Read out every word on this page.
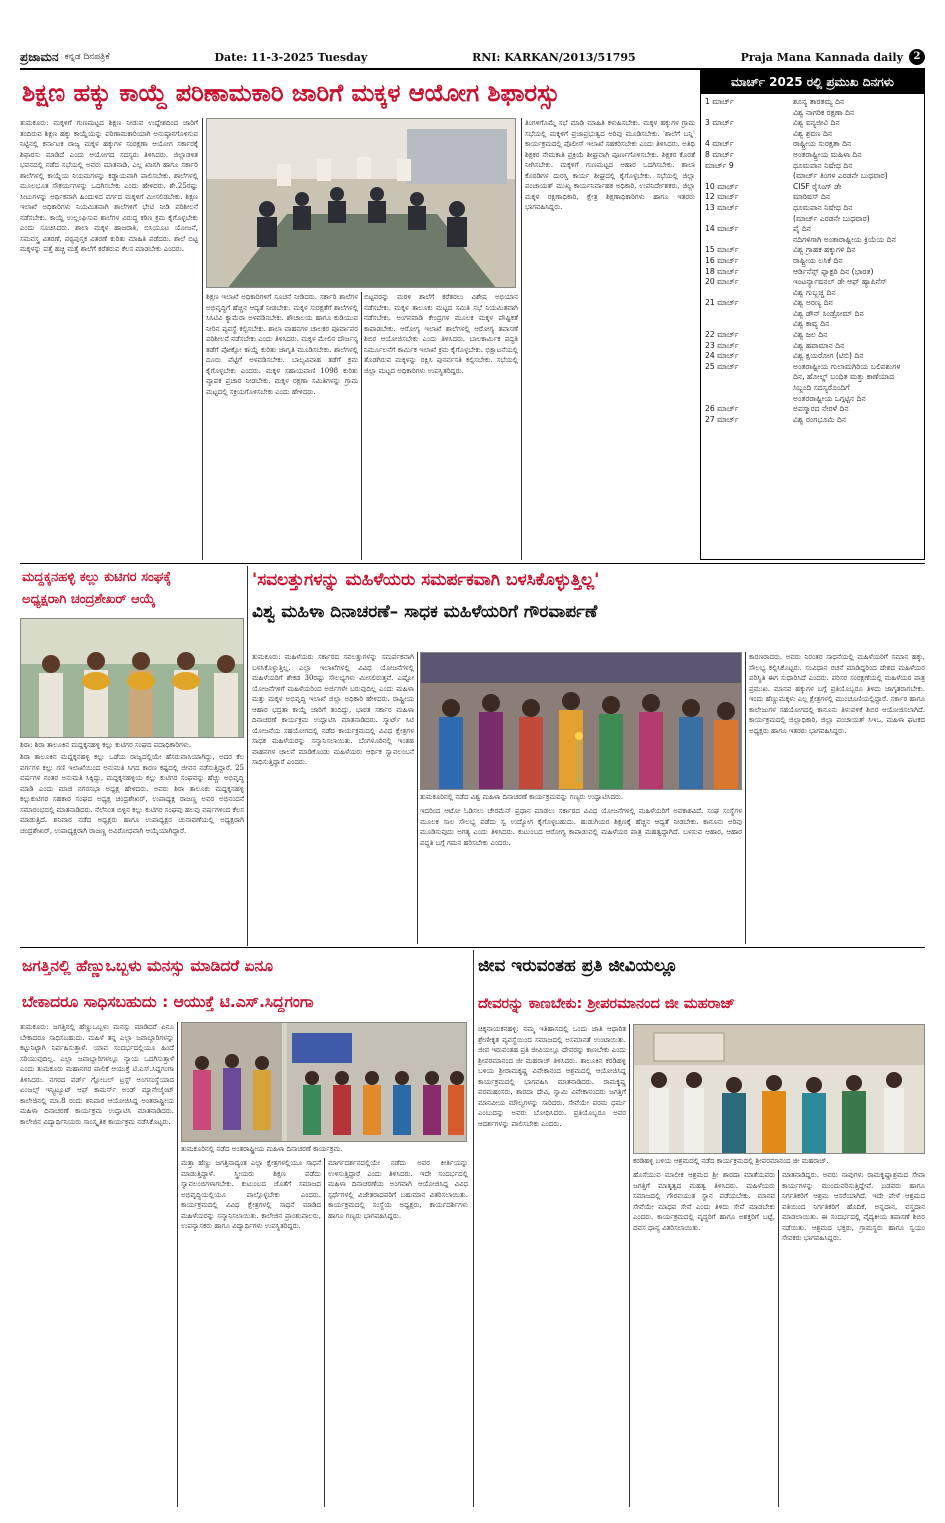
ಪ್ರಜಾಮನ ಕನ್ನಡ ದಿನಪತ್ರಿಕೆ	Date: 11-3-2025 Tuesday	RNI: KARKAN/2013/51795	Praja Mana Kannada daily	2
ಶಿಕ್ಷಣ ಹಕ್ಕು ಕಾಯ್ದೆ ಪರಿಣಾಮಕಾರಿ ಜಾರಿಗೆ ಮಕ್ಕಳ ಆಯೋಗ ಶಿಫಾರಸ್ಸು
ತುಮಕೂರು: ಮಕ್ಕಳಿಗೆ ಗುಣಮಟ್ಟದ ಶಿಕ್ಷಣ ನೀಡುವ ಉದ್ದೇಶದಿಂದ ಜಾರಿಗೆ ತಂದಿರುವ ಶಿಕ್ಷಣ ಹಕ್ಕು ಕಾಯ್ದೆಯನ್ನು ಪರಿಣಾಮಕಾರಿಯಾಗಿ ಅನುಷ್ಠಾನಗೊಳಿಸುವ ನಿಟ್ಟಿನಲ್ಲಿ ಕರ್ನಾಟಕ ರಾಜ್ಯ ಮಕ್ಕಳ ಹಕ್ಕುಗಳ ಸಂರಕ್ಷಣಾ ಆಯೋಗ ಸರ್ಕಾರಕ್ಕೆ ಶಿಫಾರಸು ಮಾಡಿದೆ ಎಂದು ಆಯೋಗದ ಸದಸ್ಯರು ತಿಳಿಸಿದರು. ಜಿಲ್ಲಾಡಳಿತ ಭವನದಲ್ಲಿ ನಡೆದ ಸಭೆಯಲ್ಲಿ ಅವರು ಮಾತನಾಡಿ, ಎಲ್ಲ ಖಾಸಗಿ ಹಾಗೂ ಸರ್ಕಾರಿ ಶಾಲೆಗಳಲ್ಲಿ ಕಾಯ್ದೆಯ ನಿಯಮಗಳನ್ನು ಕಡ್ಡಾಯವಾಗಿ ಪಾಲಿಸಬೇಕು. ಶಾಲೆಗಳಲ್ಲಿ ಮೂಲಭೂತ ಸೌಕರ್ಯಗಳನ್ನು ಒದಗಿಸಬೇಕು ಎಂದು ಹೇಳಿದರು. ಶೇ.25ರಷ್ಟು ಸೀಟುಗಳನ್ನು ಆರ್ಥಿಕವಾಗಿ ಹಿಂದುಳಿದ ವರ್ಗದ ಮಕ್ಕಳಿಗೆ ಮೀಸಲಿಡಬೇಕು. ಶಿಕ್ಷಣ ಇಲಾಖೆ ಅಧಿಕಾರಿಗಳು ನಿಯಮಿತವಾಗಿ ಶಾಲೆಗಳಿಗೆ ಭೇಟಿ ನೀಡಿ ಪರಿಶೀಲನೆ ನಡೆಸಬೇಕು. ಕಾಯ್ದೆ ಉಲ್ಲಂಘಿಸುವ ಶಾಲೆಗಳ ವಿರುದ್ಧ ಕಠಿಣ ಕ್ರಮ ಕೈಗೊಳ್ಳಬೇಕು ಎಂದು ಸೂಚಿಸಿದರು. ಶಾಲಾ ಮಕ್ಕಳ ಹಾಜರಾತಿ, ಬಿಸಿಯೂಟ ಯೋಜನೆ, ಸಮವಸ್ತ್ರ ವಿತರಣೆ, ಪಠ್ಯಪುಸ್ತಕ ವಿತರಣೆ ಕುರಿತು ಮಾಹಿತಿ ಪಡೆದರು. ಶಾಲೆ ಬಿಟ್ಟ ಮಕ್ಕಳನ್ನು ಪತ್ತೆ ಹಚ್ಚಿ ಮತ್ತೆ ಶಾಲೆಗೆ ಕರೆತರುವ ಕೆಲಸ ಮಾಡಬೇಕು ಎಂದರು.
ಶಿಕ್ಷಣ ಇಲಾಖೆ ಅಧಿಕಾರಿಗಳಿಗೆ ಸೂಚನೆ ನೀಡಿದರು. ಸರ್ಕಾರಿ ಶಾಲೆಗಳ ಅಭಿವೃದ್ಧಿಗೆ ಹೆಚ್ಚಿನ ಆದ್ಯತೆ ನೀಡಬೇಕು. ಮಕ್ಕಳ ಸುರಕ್ಷತೆಗೆ ಶಾಲೆಗಳಲ್ಲಿ ಸಿಸಿಟಿವಿ ಕ್ಯಾಮೆರಾ ಅಳವಡಿಸಬೇಕು. ಶೌಚಾಲಯ ಹಾಗೂ ಕುಡಿಯುವ ನೀರಿನ ವ್ಯವಸ್ಥೆ ಕಲ್ಪಿಸಬೇಕು. ಶಾಲಾ ವಾಹನಗಳ ಚಾಲಕರ ಪೂರ್ವಾಪರ ಪರಿಶೀಲನೆ ನಡೆಸಬೇಕು ಎಂದು ತಿಳಿಸಿದರು. ಮಕ್ಕಳ ಮೇಲಿನ ದೌರ್ಜನ್ಯ ತಡೆಗೆ ಪೋಕ್ಸೋ ಕಾಯ್ದೆ ಕುರಿತು ಜಾಗೃತಿ ಮೂಡಿಸಬೇಕು. ಶಾಲೆಗಳಲ್ಲಿ ದೂರು ಪೆಟ್ಟಿಗೆ ಅಳವಡಿಸಬೇಕು. ಬಾಲ್ಯವಿವಾಹ ತಡೆಗೆ ಕ್ರಮ ಕೈಗೊಳ್ಳಬೇಕು ಎಂದರು. ಮಕ್ಕಳ ಸಹಾಯವಾಣಿ 1098 ಕುರಿತು ವ್ಯಾಪಕ ಪ್ರಚಾರ ನೀಡಬೇಕು. ಮಕ್ಕಳ ರಕ್ಷಣಾ ಸಮಿತಿಗಳನ್ನು ಗ್ರಾಮ ಮಟ್ಟದಲ್ಲಿ ಸಕ್ರಿಯಗೊಳಿಸಬೇಕು ಎಂದು ಹೇಳಿದರು.
ಬಿಟ್ಟವರನ್ನು ಮರಳಿ ಶಾಲೆಗೆ ಕರೆತರಲು ವಿಶೇಷ ಅಭಿಯಾನ ನಡೆಸಬೇಕು. ಮಕ್ಕಳ ತಾಲೂಕು ಮಟ್ಟದ ಸಮಿತಿ ಸಭೆ ನಿಯಮಿತವಾಗಿ ನಡೆಸಬೇಕು. ಅಂಗನವಾಡಿ ಕೇಂದ್ರಗಳ ಮೂಲಕ ಮಕ್ಕಳ ಪೌಷ್ಟಿಕತೆ ಕಾಪಾಡಬೇಕು. ಆರೋಗ್ಯ ಇಲಾಖೆ ಶಾಲೆಗಳಲ್ಲಿ ಆರೋಗ್ಯ ತಪಾಸಣೆ ಶಿಬಿರ ಆಯೋಜಿಸಬೇಕು ಎಂದು ತಿಳಿಸಿದರು. ಬಾಲಕಾರ್ಮಿಕ ಪದ್ಧತಿ ನಿರ್ಮೂಲನೆಗೆ ಕಾರ್ಮಿಕ ಇಲಾಖೆ ಕ್ರಮ ಕೈಗೊಳ್ಳಬೇಕು. ಭಿಕ್ಷಾಟನೆಯಲ್ಲಿ ತೊಡಗಿರುವ ಮಕ್ಕಳನ್ನು ರಕ್ಷಿಸಿ ಪುನರ್ವಸತಿ ಕಲ್ಪಿಸಬೇಕು. ಸಭೆಯಲ್ಲಿ ಜಿಲ್ಲಾ ಮಟ್ಟದ ಅಧಿಕಾರಿಗಳು ಉಪಸ್ಥಿತರಿದ್ದರು.
ತಿಂಗಳಿಗೊಮ್ಮೆ ಸಭೆ ಮಾಡಿ ಮಾಹಿತಿ ಕಳುಹಿಸಬೇಕು. ಮಕ್ಕಳ ಹಕ್ಕುಗಳ ಗ್ರಾಮ ಸಭೆಯಲ್ಲಿ ಮಕ್ಕಳಿಗೆ ಪ್ರಜಾಪ್ರಭುತ್ವದ ಅರಿವು ಮೂಡಿಸಬೇಕು. 'ಶಾಲೆಗೆ ಬನ್ನಿ' ಕಾರ್ಯಕ್ರಮದಲ್ಲಿ ಪೊಲೀಸ್ ಇಲಾಖೆ ಸಹಕರಿಸಬೇಕು ಎಂದು ತಿಳಿಸಿದರು. ಅತಿಥಿ ಶಿಕ್ಷಕರ ನೇಮಕಾತಿ ಪ್ರಕ್ರಿಯೆ ಶೀಘ್ರವಾಗಿ ಪೂರ್ಣಗೊಳಿಸಬೇಕು. ಶಿಕ್ಷಕರ ಕೊರತೆ ನೀಗಿಸಬೇಕು. ಮಕ್ಕಳಿಗೆ ಗುಣಮಟ್ಟದ ಆಹಾರ ಒದಗಿಸಬೇಕು. ಶಾಲಾ ಕೊಠಡಿಗಳ ದುರಸ್ತಿ ಕಾರ್ಯ ಶೀಘ್ರದಲ್ಲಿ ಕೈಗೊಳ್ಳಬೇಕು. ಸಭೆಯಲ್ಲಿ ಜಿಲ್ಲಾ ಪಂಚಾಯತ್ ಮುಖ್ಯ ಕಾರ್ಯನಿರ್ವಾಹಕ ಅಧಿಕಾರಿ, ಉಪನಿರ್ದೇಶಕರು, ಜಿಲ್ಲಾ ಮಕ್ಕಳ ರಕ್ಷಣಾಧಿಕಾರಿ, ಕ್ಷೇತ್ರ ಶಿಕ್ಷಣಾಧಿಕಾರಿಗಳು ಹಾಗೂ ಇತರರು ಭಾಗವಹಿಸಿದ್ದರು.
ಮಾರ್ಚ್ 2025 ರಲ್ಲಿ ಪ್ರಮುಖ ದಿನಗಳು
1 ಮಾರ್ಚ್	ಶೂನ್ಯ ತಾರತಮ್ಯ ದಿನ
ವಿಶ್ವ ನಾಗರಿಕ ರಕ್ಷಣಾ ದಿನ
3 ಮಾರ್ಚ್	ವಿಶ್ವ ವನ್ಯಜೀವಿ ದಿನ
ವಿಶ್ವ ಶ್ರವಣ ದಿನ
4 ಮಾರ್ಚ್	ರಾಷ್ಟ್ರೀಯ ಸುರಕ್ಷತಾ ದಿನ
8 ಮಾರ್ಚ್	ಅಂತರಾಷ್ಟ್ರೀಯ ಮಹಿಳಾ ದಿನ
ಮಾರ್ಚ್ 9	ಧೂಮಪಾನ ನಿಷೇಧ ದಿನ
(ಮಾರ್ಚ್ ತಿಂಗಳ ಎರಡನೇ ಬುಧವಾರ)
10 ಮಾರ್ಚ್	CISF ರೈಸಿಂಗ್ ಡೇ
12 ಮಾರ್ಚ್	ಮಾರಿಷಸ್ ದಿನ
13 ಮಾರ್ಚ್	ಧೂಮಪಾನ ನಿಷೇಧ ದಿನ
(ಮಾರ್ಚ್ ಎರಡನೇ ಬುಧವಾರ)
14 ಮಾರ್ಚ್	ಪೈ ದಿನ
ನದಿಗಳಿಗಾಗಿ ಅಂತಾರಾಷ್ಟ್ರೀಯ ಕ್ರಿಯೆಯ ದಿನ
15 ಮಾರ್ಚ್	ವಿಶ್ವ ಗ್ರಾಹಕ ಹಕ್ಕುಗಳ ದಿನ
16 ಮಾರ್ಚ್	ರಾಷ್ಟ್ರೀಯ ಲಸಿಕೆ ದಿನ
18 ಮಾರ್ಚ್	ಆರ್ಡಿನೆನ್ಸ್ ಫ್ಯಾಕ್ಟರಿ ದಿನ (ಭಾರತ)
20 ಮಾರ್ಚ್	ಇಂಟರ್ನ್ಯಾಷನಲ್ ಡೇ ಆಫ್ ಹ್ಯಾಪಿನೆಸ್
ವಿಶ್ವ ಗುಬ್ಬಚ್ಚಿ ದಿನ
21 ಮಾರ್ಚ್	ವಿಶ್ವ ಅರಣ್ಯ ದಿನ
ವಿಶ್ವ ಡೌನ್ ಸಿಂಡ್ರೋಮ್ ದಿನ
ವಿಶ್ವ ಕಾವ್ಯ ದಿನ
22 ಮಾರ್ಚ್	ವಿಶ್ವ ಜಲ ದಿನ
23 ಮಾರ್ಚ್	ವಿಶ್ವ ಹವಾಮಾನ ದಿನ
24 ಮಾರ್ಚ್	ವಿಶ್ವ ಕ್ಷಯರೋಗ (ಟಿಬಿ) ದಿನ
25 ಮಾರ್ಚ್	ಅಂತರಾಷ್ಟ್ರೀಯ ಗುಲಾಮಗಿರಿಯ ಬಲಿಪಶುಗಳ
ದಿನ, ಹೋಲ್ಡ್ ಬಂಧಿತ ಮತ್ತು ಕಾಣೆಯಾದ
ಸಿಬ್ಬಂದಿ ಸದಸ್ಯರೊಂದಿಗೆ
ಅಂತರರಾಷ್ಟ್ರೀಯ ಒಗ್ಗಟ್ಟಿನ ದಿನ
26 ಮಾರ್ಚ್	ಅಪಸ್ಮಾರದ ನೇರಳೆ ದಿನ
27 ಮಾರ್ಚ್	ವಿಶ್ವ ರಂಗಭೂಮಿ ದಿನ
ಮದ್ದಕ್ಕನಹಳ್ಳಿ ಕಲ್ಲು ಕುಟಿಗರ ಸಂಘಕ್ಕೆ
ಅಧ್ಯಕ್ಷರಾಗಿ ಚಂದ್ರಶೇಖರ್ ಆಯ್ಕೆ
ಶಿರಾ: ಶಿರಾ ತಾಲೂಕಿನ ಮದ್ದಕ್ಕನಹಳ್ಳಿ ಕಲ್ಲು ಕುಟಿಗರ ಸಂಘದ ಪದಾಧಿಕಾರಿಗಳು.
ಶಿರಾ ತಾಲೂಕಿನ ಮದ್ದಕ್ಕನಹಳ್ಳಿ ಕಲ್ಲು ಒಡೆಯ ರಾಜ್ಯದಲ್ಲಿಯೇ ಹೆಸರುವಾಸಿಯಾಗಿದ್ದು, ಅದರ ಕೆಲ ವರ್ಗಗಳ ಕಲ್ಲು ಗಣಿ ಇಲಾಖೆಯಿಂದ ಅನುಮತಿ ಸಿಗದ ಕಾರಣ ಕಷ್ಟದಲ್ಲಿ ಜೀವನ ನಡೆಸುತ್ತಿದ್ದಾರೆ. 25 ವರ್ಷಗಳ ನಂತರ ಅನುಮತಿ ಸಿಕ್ಕಿದ್ದು, ಮದ್ದಕ್ಕನಹಳ್ಳಿಯ ಕಲ್ಲು ಕುಟಿಗರ ಸಂಘವನ್ನು ಹೆಚ್ಚು ಅಭಿವೃದ್ಧಿ ಮಾಡಿ ಎಂದು ಮಾಜಿ ನಗರಸಭಾ ಅಧ್ಯಕ್ಷ ಹೇಳಿದರು. ಅವರು ಶಿರಾ ತಾಲೂಕು ಮದ್ದಕ್ಕನಹಳ್ಳಿ ಕಲ್ಲುಕುಟಿಗರ ಸಹಕಾರ ಸಂಘದ ಅಧ್ಯಕ್ಷ ಚಂದ್ರಶೇಖರ್, ಉಪಾಧ್ಯಕ್ಷ ರಾಜಣ್ಣ ಅವರ ಅಭಿನಂದನೆ ಸಮಾರಂಭದಲ್ಲಿ ಮಾತನಾಡಿದರು. ನೆಲೆನಿಂತ ಬಿಳ್ಳಿನ ಕಲ್ಲು ಕುಟಿಗರ ಸಂಘವು ಹಲವು ವರ್ಷಗಳಿಂದ ಕೆಲಸ ಮಾಡುತ್ತಿದೆ. ಶನಿವಾರ ನಡೆದ ಅಧ್ಯಕ್ಷರು ಹಾಗೂ ಉಪಾಧ್ಯಕ್ಷರ ಚುನಾವಣೆಯಲ್ಲಿ ಅಧ್ಯಕ್ಷರಾಗಿ ಚಂದ್ರಶೇಖರ್, ಉಪಾಧ್ಯಕ್ಷರಾಗಿ ರಾಜಣ್ಣ ಅವಿರೋಧವಾಗಿ ಆಯ್ಕೆಯಾಗಿದ್ದಾರೆ.
'ಸವಲತ್ತುಗಳನ್ನು ಮಹಿಳೆಯರು ಸಮರ್ಪಕವಾಗಿ ಬಳಸಿಕೊಳ್ಳುತ್ತಿಲ್ಲ'
ವಿಶ್ವ ಮಹಿಳಾ ದಿನಾಚರಣೆ– ಸಾಧಕ ಮಹಿಳೆಯರಿಗೆ ಗೌರವಾರ್ಪಣೆ
ತುಮಕೂರು: ಮಹಿಳೆಯರು ಸರ್ಕಾರದ ಸವಲತ್ತುಗಳನ್ನು ಸಮರ್ಪಕವಾಗಿ ಬಳಸಿಕೊಳ್ಳುತ್ತಿಲ್ಲ. ಎಲ್ಲಾ ಇಲಾಖೆಗಳಲ್ಲಿ ವಿವಿಧ ಯೋಜನೆಗಳಲ್ಲಿ ಮಹಿಳೆಯರಿಗೆ ಶೇಕಡ 30ರಷ್ಟು ಸೌಲಭ್ಯಗಳು ಮೀಸಲಿರುತ್ತವೆ. ಎಷ್ಟೋ ಯೋಜನೆಗಳಿಗೆ ಮಹಿಳೆಯರಿಂದ ಅರ್ಜಿಗಳೇ ಬರುವುದಿಲ್ಲ ಎಂದು ಮಹಿಳಾ ಮತ್ತು ಮಕ್ಕಳ ಅಭಿವೃದ್ಧಿ ಇಲಾಖೆ ಜಿಲ್ಲಾ ಅಧಿಕಾರಿ ಹೇಳಿದರು. ರಾಷ್ಟ್ರೀಯ ಆಹಾರ ಭದ್ರತಾ ಕಾಯ್ದೆ ಜಾರಿಗೆ ತಂದಿದ್ದು, ಭಾರತ ಸರ್ಕಾರ ಮಹಿಳಾ ದಿನಾಚರಣೆ ಕಾರ್ಯಕ್ರಮ ಉದ್ಘಾಟಿಸಿ ಮಾತನಾಡಿದರು. ಸ್ಮಾರ್ಟ್ ಸಿಟಿ ಯೋಜನೆಯ ಸಹಯೋಗದಲ್ಲಿ ನಡೆದ ಕಾರ್ಯಕ್ರಮದಲ್ಲಿ ವಿವಿಧ ಕ್ಷೇತ್ರಗಳ ಸಾಧಕ ಮಹಿಳೆಯರನ್ನು ಸನ್ಮಾನಿಸಲಾಯಿತು. ಬೆಂಗಳೂರಿನಲ್ಲಿ ಇಂತಹ ವಾಹನಗಳ ಚಾಲನೆ ಮಾಡಿಕೊಂಡು ಮಹಿಳೆಯರು ಆರ್ಥಿಕ ಸ್ವಾವಲಂಬನೆ ಸಾಧಿಸುತ್ತಿದ್ದಾರೆ ಎಂದರು.
ತುಮಕೂರಿನಲ್ಲಿ ನಡೆದ ವಿಶ್ವ ಮಹಿಳಾ ದಿನಾಚರಣೆ ಕಾರ್ಯಕ್ರಮವನ್ನು ಗಣ್ಯರು ಉದ್ಘಾಟಿಸಿದರು.
ಇದರಿಂದ ಆಟೋ ಓಡಿಸಲು ಚೇರಮೆನ್ ಪ್ರಧಾನ ಮಾಡಲು ಸರ್ಕಾರದ ವಿವಿಧ ಯೋಜನೆಗಳಲ್ಲಿ ಮಹಿಳೆಯರಿಗೆ ಅವಕಾಶವಿದೆ. ಸಂಘ ಸಂಸ್ಥೆಗಳ ಮೂಲಕ ಸಾಲ ಸೌಲಭ್ಯ ಪಡೆದು ಸ್ವ ಉದ್ಯೋಗ ಕೈಗೊಳ್ಳಬಹುದು. ಹುಡುಗಿಯರ ಶಿಕ್ಷಣಕ್ಕೆ ಹೆಚ್ಚಿನ ಆದ್ಯತೆ ನೀಡಬೇಕು. ಕಾನೂನು ಅರಿವು ಮೂಡಿಸುವುದು ಅಗತ್ಯ ಎಂದು ತಿಳಿಸಿದರು. ಕುಟುಂಬದ ಆರೋಗ್ಯ ಕಾಪಾಡುವಲ್ಲಿ ಮಹಿಳೆಯರ ಪಾತ್ರ ಮಹತ್ವದ್ದಾಗಿದೆ. ಬಳಸುವ ಆಹಾರ, ಆಹಾರ ಪದ್ಧತಿ ಬಗ್ಗೆ ಗಮನ ಹರಿಸಬೇಕು ಎಂದರು.
ಕಾರಣರಾದರು. ಅವರು ನಿರಂತರ ಸಾಧನೆಯಲ್ಲಿ ಮಹಿಳೆಯರಿಗೆ ಸಮಾನ ಹಕ್ಕು, ಸೌಲಭ್ಯ ಕಲ್ಪಿಸಿಕೊಟ್ಟರು. ಸಂವಿಧಾನ ರಚನೆ ಮಾಡಿದ್ದರಿಂದ ದೇಶದ ಮಹಿಳೆಯರ ಪರಿಸ್ಥಿತಿ ಈಗ ಸುಧಾರಿಸಿದೆ ಎಂದರು. ಪರಿಸರ ಸಂರಕ್ಷಣೆಯಲ್ಲಿ ಮಹಿಳೆಯರ ಪಾತ್ರ ಪ್ರಮುಖ. ಮಾನವ ಹಕ್ಕುಗಳ ಬಗ್ಗೆ ಪ್ರತಿಯೊಬ್ಬರೂ ತಿಳಿದು ಜಾಗೃತರಾಗಬೇಕು. ಇಂದು ಹೆಣ್ಣುಮಕ್ಕಳು ಎಲ್ಲ ಕ್ಷೇತ್ರಗಳಲ್ಲಿ ಮುಂಚೂಣಿಯಲ್ಲಿದ್ದಾರೆ. ಸರ್ಕಾರ ಹಾಗೂ ಕಾಲೇಜುಗಳ ಸಹಯೋಗದಲ್ಲಿ ಕಾನೂನು ತಿಳುವಳಿಕೆ ಶಿಬಿರ ಆಯೋಜಿಸಲಾಗಿದೆ. ಕಾರ್ಯಕ್ರಮದಲ್ಲಿ ಜಿಲ್ಲಾಧಿಕಾರಿ, ಜಿಲ್ಲಾ ಪಂಚಾಯತ್ ಸಿಇಒ, ಮಹಿಳಾ ಘಟಕದ ಅಧ್ಯಕ್ಷರು ಹಾಗೂ ಇತರರು ಭಾಗವಹಿಸಿದ್ದರು.
ಜಗತ್ತಿನಲ್ಲಿ ಹೆಣ್ಣುಒಬ್ಬಳು ಮನಸ್ಸು ಮಾಡಿದರೆ ಏನೂ
ಬೇಕಾದರೂ ಸಾಧಿಸಬಹುದು : ಆಯುಕ್ತೆ ಟಿ.ಎಸ್.ಸಿದ್ದಗಂಗಾ
ತುಮಕೂರು: ಜಗತ್ತಿನಲ್ಲಿ ಹೆಣ್ಣುಒಬ್ಬಳು ಮನಸ್ಸು ಮಾಡಿದರೆ ಏನೂ ಬೇಕಾದರೂ ಸಾಧಿಸಬಹುದು. ಮಹಿಳೆ ತನ್ನ ಎಲ್ಲಾ ಜವಾಬ್ದಾರಿಗಳನ್ನು ಕಟ್ಟುನಿಟ್ಟಾಗಿ ನಿರ್ವಹಿಸುತ್ತಾಳೆ. ಯಾವ ಸಂದರ್ಭದಲ್ಲಿಯೂ ಹಿಂದೆ ಸರಿಯುವುದಿಲ್ಲ. ಎಲ್ಲಾ ಜವಾಬ್ದಾರಿಗಳಲ್ಲೂ ನ್ಯಾಯ ಒದಗಿಸುತ್ತಾಳೆ ಎಂದು ತುಮಕೂರು ಮಹಾನಗರ ಪಾಲಿಕೆ ಆಯುಕ್ತೆ ಟಿ.ಎಸ್.ಸಿದ್ದಗಂಗಾ ತಿಳಿಸಿದರು. ನಗರದ ವರ್ಡ್ ಗ್ಲೋಬಲ್ ಟ್ರಸ್ಟ್ ಅಂಗಸಂಸ್ಥೆಯಾದ ಏಂಜಲ್ಸ್ ಇನ್ಸ್ಟಿಟ್ಯೂಟ್ ಆಫ್ ಕಾಮರ್ಸ್ ಅಂಡ್ ಮ್ಯಾನೇಜ್ಮೆಂಟ್ ಕಾಲೇಜಿನಲ್ಲಿ ಮಾ.8 ರಂದು ಶನಿವಾರ ಆಯೋಜಿಸಿದ್ದ ಅಂತರಾಷ್ಟ್ರೀಯ ಮಹಿಳಾ ದಿನಾಚರಣೆ ಕಾರ್ಯಕ್ರಮ ಉದ್ಘಾಟಿಸಿ ಮಾತನಾಡಿದರು. ಕಾಲೇಜಿನ ವಿದ್ಯಾರ್ಥಿನಿಯರು ಸಾಂಸ್ಕೃತಿಕ ಕಾರ್ಯಕ್ರಮ ನಡೆಸಿಕೊಟ್ಟರು.
ತುಮಕೂರಿನಲ್ಲಿ ನಡೆದ ಅಂತರಾಷ್ಟ್ರೀಯ ಮಹಿಳಾ ದಿನಾಚರಣೆ ಕಾರ್ಯಕ್ರಮ.
ಮತ್ತಾ ಹೆಣ್ಣು ಜಗತ್ತಿನಾದ್ಯಂತ ಎಲ್ಲಾ ಕ್ಷೇತ್ರಗಳಲ್ಲಿಯೂ ಸಾಧನೆ ಮಾಡುತ್ತಿದ್ದಾಳೆ. ಸ್ತ್ರೀಯರು ಶಿಕ್ಷಣ ಪಡೆದು ಸ್ವಾವಲಂಬಿಗಳಾಗಬೇಕು. ಕುಟುಂಬದ ಜೊತೆಗೆ ಸಮಾಜದ ಅಭಿವೃದ್ಧಿಯಲ್ಲಿಯೂ ಪಾಲ್ಗೊಳ್ಳಬೇಕು ಎಂದರು. ಕಾರ್ಯಕ್ರಮದಲ್ಲಿ ವಿವಿಧ ಕ್ಷೇತ್ರಗಳಲ್ಲಿ ಸಾಧನೆ ಮಾಡಿದ ಮಹಿಳೆಯರನ್ನು ಸನ್ಮಾನಿಸಲಾಯಿತು. ಕಾಲೇಜಿನ ಪ್ರಾಂಶುಪಾಲರು, ಉಪನ್ಯಾಸಕರು ಹಾಗೂ ವಿದ್ಯಾರ್ಥಿಗಳು ಉಪಸ್ಥಿತರಿದ್ದರು.
ಮಾರ್ಗದರ್ಶನದಲ್ಲಿಯೇ ನಡೆದು ಅವರ ಕೀರ್ತಿಯನ್ನು ಉಳಿಸುತ್ತಿದ್ದಾರೆ ಎಂದು ತಿಳಿಸಿದರು. ಇದೇ ಸಂದರ್ಭದಲ್ಲಿ ಮಹಿಳಾ ದಿನಾಚರಣೆಯ ಅಂಗವಾಗಿ ಆಯೋಜಿಸಿದ್ದ ವಿವಿಧ ಸ್ಪರ್ಧೆಗಳಲ್ಲಿ ವಿಜೇತರಾದವರಿಗೆ ಬಹುಮಾನ ವಿತರಿಸಲಾಯಿತು. ಕಾರ್ಯಕ್ರಮದಲ್ಲಿ ಸಂಸ್ಥೆಯ ಅಧ್ಯಕ್ಷರು, ಕಾರ್ಯದರ್ಶಿಗಳು ಹಾಗೂ ಗಣ್ಯರು ಭಾಗವಹಿಸಿದ್ದರು.
ಜೀವ ಇರುವಂತಹ ಪ್ರತಿ ಜೀವಿಯಲ್ಲೂ
ದೇವರನ್ನು ಕಾಣಬೇಕು: ಶ್ರೀಪರಮಾನಂದ ಜೀ ಮಹರಾಜ್
ಚಿಕ್ಕನಾಯಕನಹಳ್ಳಿ: ನಮ್ಮ ಇತಿಹಾಸದಲ್ಲಿ ಒಂದು ಜಾತಿ ಆಧಾರಿತ ಶ್ರೇಣೀಕೃತ ವ್ಯವಸ್ಥೆಯಿಂದ ಸಮಾಜದಲ್ಲಿ ಅಸಮಾನತೆ ಉಂಟಾಯಿತು. ಜೀವ ಇರುವಂತಹ ಪ್ರತಿ ಜೀವಿಯಲ್ಲೂ ದೇವರನ್ನು ಕಾಣಬೇಕು ಎಂದು ಶ್ರೀಪರಮಾನಂದ ಜೀ ಮಹರಾಜ್ ತಿಳಿಸಿದರು. ತಾಲೂಕಿನ ಕರಡಿಹಳ್ಳಿ ಬಳಿಯ ಶ್ರೀರಾಮಕೃಷ್ಣ ವಿವೇಕಾನಂದ ಆಶ್ರಮದಲ್ಲಿ ಆಯೋಜಿಸಿದ್ದ ಕಾರ್ಯಕ್ರಮದಲ್ಲಿ ಭಾಗವಹಿಸಿ ಮಾತನಾಡಿದರು. ರಾಮಕೃಷ್ಣ ಪರಮಹಂಸರು, ಶಾರದಾ ದೇವಿ, ಸ್ವಾಮಿ ವಿವೇಕಾನಂದರು ಜಗತ್ತಿಗೆ ಮಾನವೀಯ ಮೌಲ್ಯಗಳನ್ನು ಸಾರಿದರು. ಸೇವೆಯೇ ಪರಮ ಧರ್ಮ ಎಂಬುದನ್ನು ಅವರು ಬೋಧಿಸಿದರು. ಪ್ರತಿಯೊಬ್ಬರೂ ಅವರ ಆದರ್ಶಗಳನ್ನು ಪಾಲಿಸಬೇಕು ಎಂದರು.
ಕರಡಿಹಳ್ಳಿ ಬಳಿಯ ಆಶ್ರಮದಲ್ಲಿ ನಡೆದ ಕಾರ್ಯಕ್ರಮದಲ್ಲಿ ಶ್ರೀಪರಮಾನಂದ ಜೀ ಮಹರಾಜ್.
ಹೊಸೆಯುವ ಮಾಲೀಕ ಆಶ್ರಮದ ಶ್ರೀ ಶಾರದಾ ಮಾತೆಯವರು ಜಗತ್ತಿಗೆ ಮಾತೃತ್ವದ ಮಹತ್ವ ತಿಳಿಸಿದರು. ಮಹಿಳೆಯರು ಸಮಾಜದಲ್ಲಿ ಗೌರವಯುತ ಸ್ಥಾನ ಪಡೆಯಬೇಕು. ಮಾನವ ಸೇವೆಯೇ ಮಾಧವ ಸೇವೆ ಎಂದು ತಿಳಿದು ಸೇವೆ ಮಾಡಬೇಕು ಎಂದರು. ಕಾರ್ಯಕ್ರಮದಲ್ಲಿ ವೃದ್ಧರಿಗೆ ಹಾಗೂ ಅಶಕ್ತರಿಗೆ ಬಟ್ಟೆ, ದವಸ ಧಾನ್ಯ ವಿತರಿಸಲಾಯಿತು.
ಮಾತನಾಡಿದ್ದರು. ಅವರು ನಾವುಗಳು ರಾಮಕೃಷ್ಣಾಶ್ರಮದ ಸೇವಾ ಕಾರ್ಯಗಳನ್ನು ಮುಂದುವರಿಸುತ್ತಿದ್ದೇವೆ. ಬಡವರು ಹಾಗೂ ನಿರ್ಗತಿಕರಿಗೆ ಆಶ್ರಮ ಆಸರೆಯಾಗಿದೆ. ಇದೇ ವೇಳೆ ಆಶ್ರಮದ ವತಿಯಿಂದ ನಿರ್ಗತಿಕರಿಗೆ ಹೊದಿಕೆ, ಅನ್ನದಾನ, ವಸ್ತ್ರದಾನ ಮಾಡಲಾಯಿತು. ಈ ಸಂದರ್ಭದಲ್ಲಿ ವೈದ್ಯಕೀಯ ತಪಾಸಣೆ ಶಿಬಿರ ನಡೆಯಿತು. ಆಶ್ರಮದ ಭಕ್ತರು, ಗ್ರಾಮಸ್ಥರು ಹಾಗೂ ಸ್ವಯಂ ಸೇವಕರು ಭಾಗವಹಿಸಿದ್ದರು.
